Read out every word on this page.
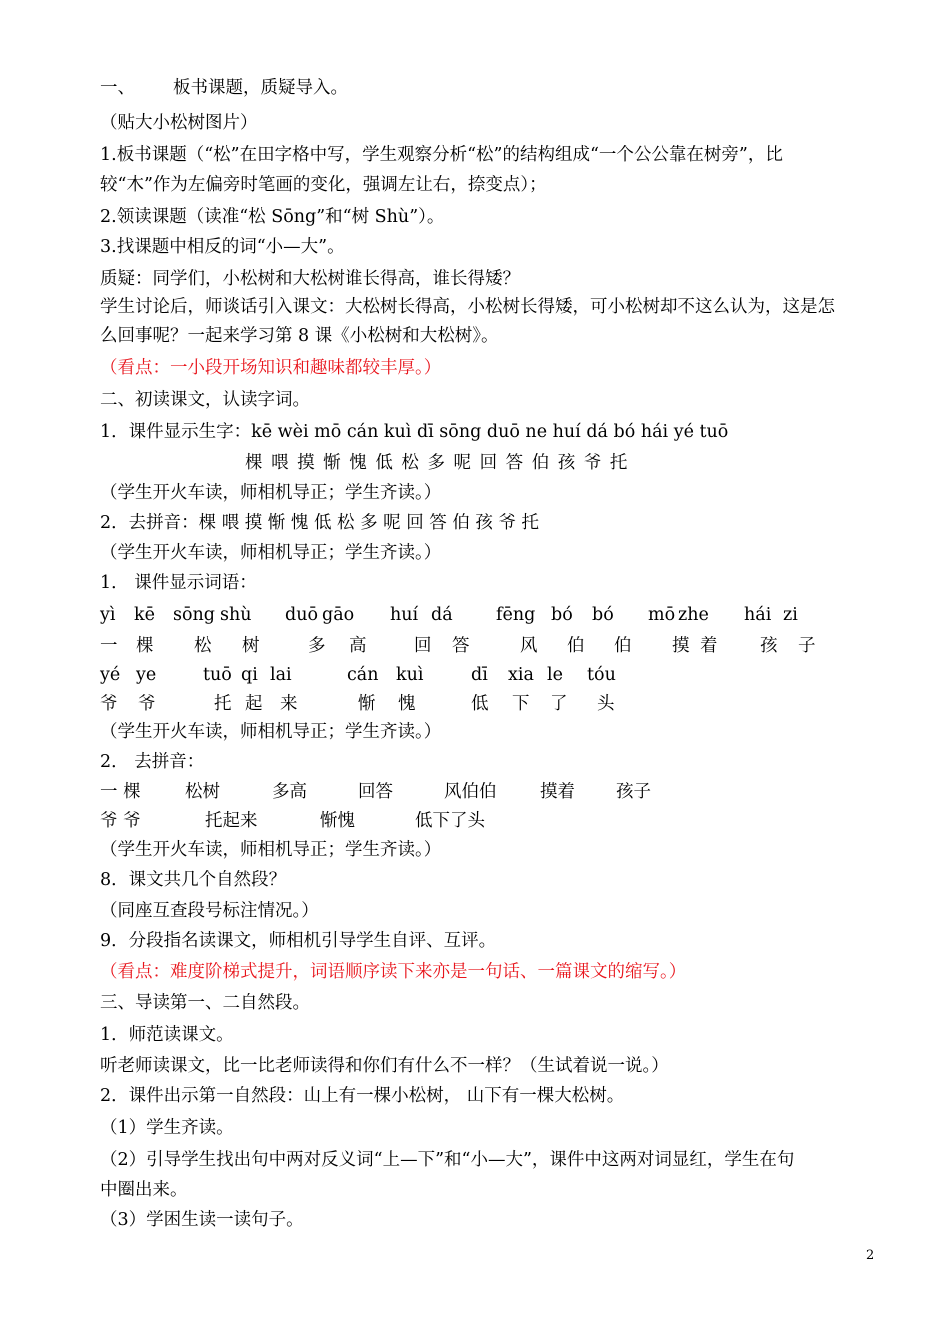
一、 板书课题，质疑导入。
（贴大小松树图片）
1.板书课题（“松”在田字格中写，学生观察分析“松”的结构组成“一个公公靠在树旁”，比
较“木”作为左偏旁时笔画的变化，强调左让右，捺变点）；
2.领读课题（读准“松 Sōng”和“树 Shù”）。
3.找课题中相反的词“小—大”。
质疑：同学们，小松树和大松树谁长得高，谁长得矮？
学生讨论后，师谈话引入课文：大松树长得高，小松树长得矮，可小松树却不这么认为，这是怎
么回事呢？一起来学习第 8 课《小松树和大松树》。
（看点：一小段开场知识和趣味都较丰厚。）
二、初读课文，认读字词。
1．课件显示生字：kē wèi mō cán kuì dī sōng duō ne huí dá bó hái yé tuō
棵 喂 摸 惭 愧 低 松 多 呢 回 答 伯 孩 爷 托
（学生开火车读，师相机导正；学生齐读。）
2．去拼音：棵 喂 摸 惭 愧 低 松 多 呢 回 答 伯 孩 爷 托
（学生开火车读，师相机导正；学生齐读。）
1． 课件显示词语：
yì kē sōng shù duō gāo huí dá fēng bó bó mō zhe hái zi
一 棵 松 树	多 高	回 答	风 伯 伯 摸 着 孩 子
yé ye	tuō qi lai	cán kuì	dī xia le tóu
爷 爷	托 起 来	惭 愧	低 下 了 头
（学生开火车读，师相机导正；学生齐读。）
2． 去拼音：
一 棵	松树	多高	回答	风伯伯 摸着 孩子
爷 爷	托起来	惭愧	低下了头
（学生开火车读，师相机导正；学生齐读。）
8．课文共几个自然段？
（同座互查段号标注情况。）
9．分段指名读课文，师相机引导学生自评、互评。
（看点：难度阶梯式提升，词语顺序读下来亦是一句话、一篇课文的缩写。）
三、导读第一、二自然段。
1．师范读课文。
听老师读课文，比一比老师读得和你们有什么不一样？（生试着说一说。）
2．课件出示第一自然段：山上有一棵小松树， 山下有一棵大松树。
（1）学生齐读。
（2）引导学生找出句中两对反义词“上—下”和“小—大”，课件中这两对词显红，学生在句
中圈出来。
（3）学困生读一读句子。
2
